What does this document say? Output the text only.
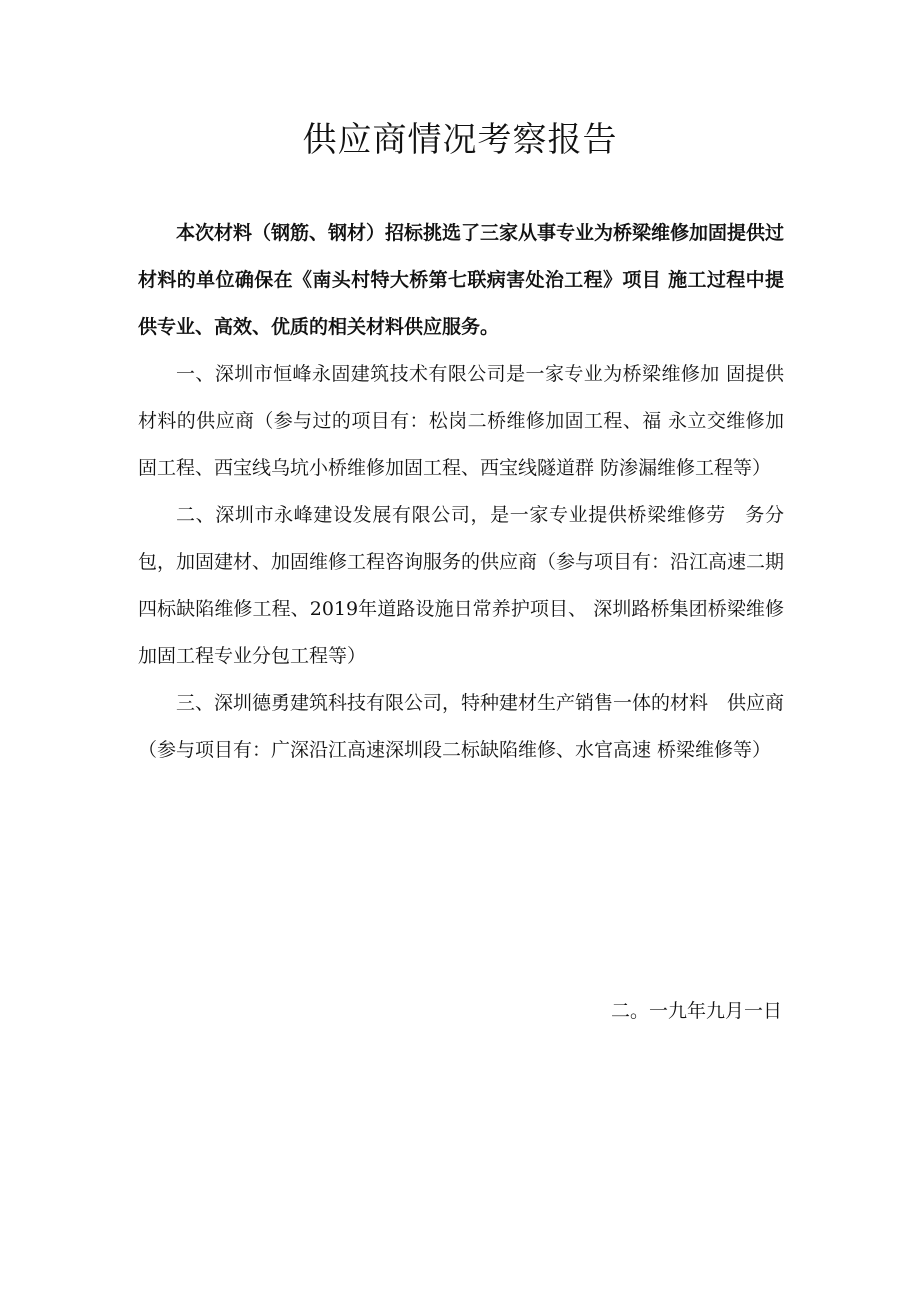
供应商情况考察报告

本次材料（钢筋、钢材）招标挑选了三家从事专业为桥梁维修加固提供过材料的单位确保在《南头村特大桥第七联病害处治工程》项目 施工过程中提供专业、高效、优质的相关材料供应服务。

一、深圳市恒峰永固建筑技术有限公司是一家专业为桥梁维修加 固提供材料的供应商（参与过的项目有：松岗二桥维修加固工程、福 永立交维修加固工程、西宝线乌坑小桥维修加固工程、西宝线隧道群 防渗漏维修工程等）

二、深圳市永峰建设发展有限公司，是一家专业提供桥梁维修劳　务分包，加固建材、加固维修工程咨询服务的供应商（参与项目有：沿江高速二期四标缺陷维修工程、2019年道路设施日常养护项目、 深圳路桥集团桥梁维修加固工程专业分包工程等）

三、深圳德勇建筑科技有限公司，特种建材生产销售一体的材料　供应商（参与项目有：广深沿江高速深圳段二标缺陷维修、水官高速 桥梁维修等）

二。一九年九月一日
